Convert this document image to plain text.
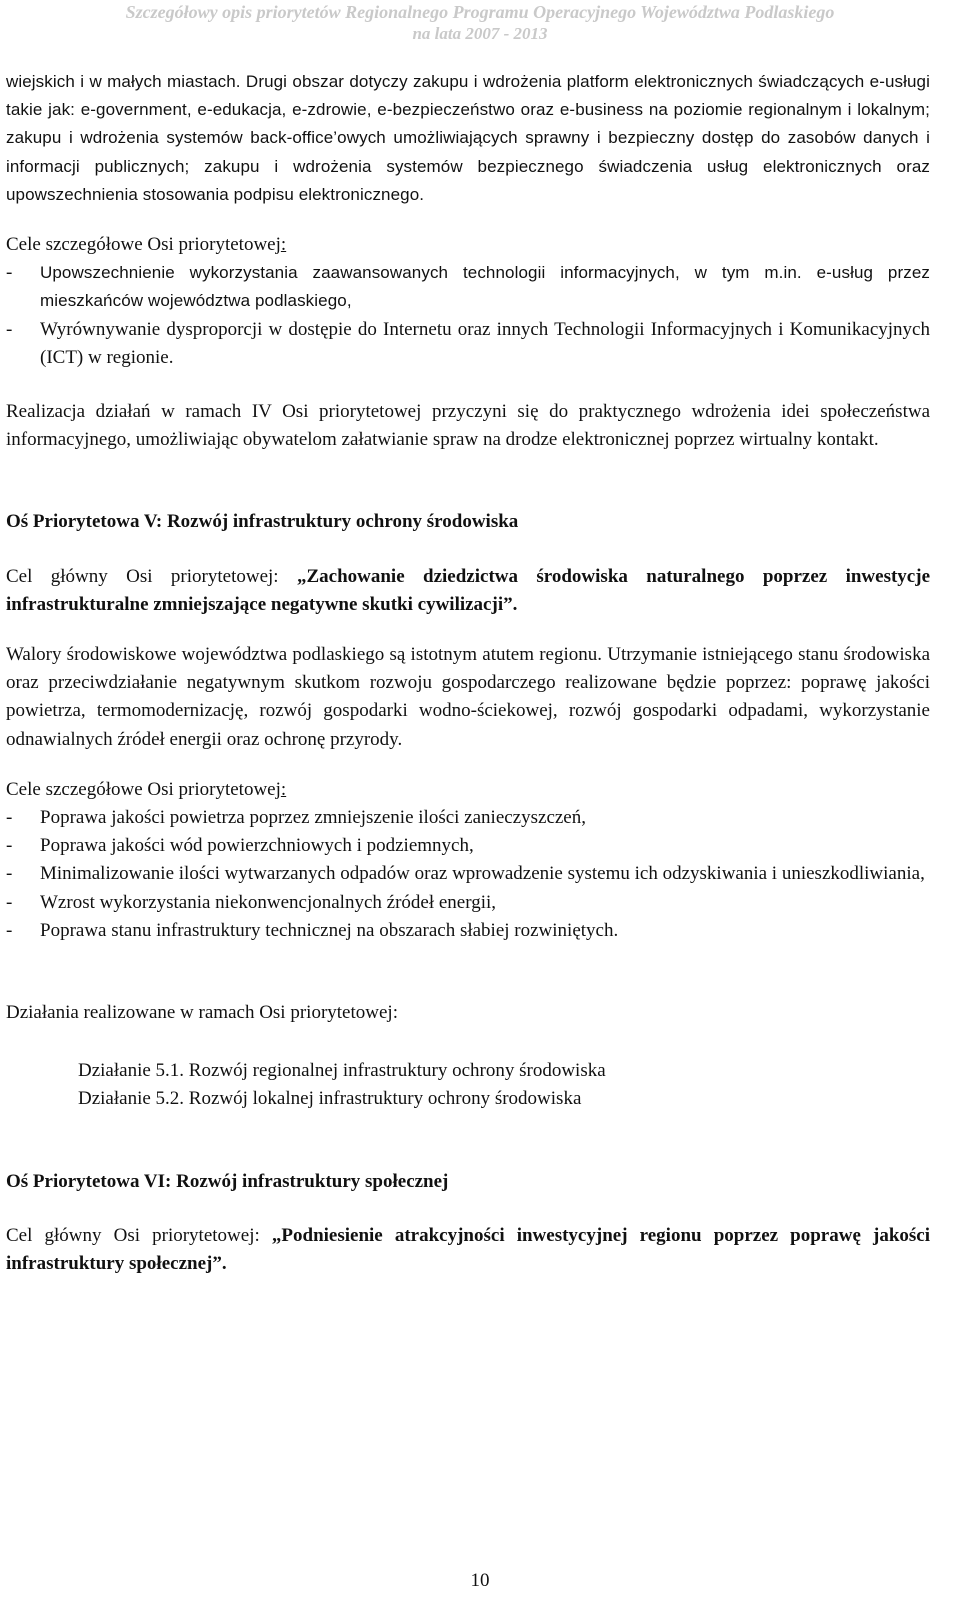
Szczegółowy opis priorytetów Regionalnego Programu Operacyjnego Województwa Podlaskiego
na lata 2007 - 2013

wiejskich i w małych miastach. Drugi obszar dotyczy zakupu i wdrożenia platform elektronicznych świadczących e-usługi takie jak: e-government, e-edukacja, e-zdrowie, e-bezpieczeństwo oraz e-business na poziomie regionalnym i lokalnym; zakupu i wdrożenia systemów back-office’owych umożliwiających sprawny i bezpieczny dostęp do zasobów danych i informacji publicznych; zakupu i wdrożenia systemów bezpiecznego świadczenia usług elektronicznych oraz upowszechnienia stosowania podpisu elektronicznego.

Cele szczegółowe Osi priorytetowej:

-	Upowszechnienie wykorzystania zaawansowanych technologii informacyjnych, w tym m.in. e-usług przez mieszkańców województwa podlaskiego,
-	Wyrównywanie dysproporcji w dostępie do Internetu oraz innych Technologii Informacyjnych i Komunikacyjnych (ICT) w regionie.

Realizacja działań w ramach IV Osi priorytetowej przyczyni się do praktycznego wdrożenia idei społeczeństwa informacyjnego, umożliwiając obywatelom załatwianie spraw na drodze elektronicznej poprzez wirtualny kontakt.

Oś Priorytetowa V: Rozwój infrastruktury ochrony środowiska

Cel główny Osi priorytetowej: „Zachowanie dziedzictwa środowiska naturalnego poprzez inwestycje infrastrukturalne zmniejszające negatywne skutki cywilizacji”.

Walory środowiskowe województwa podlaskiego są istotnym atutem regionu. Utrzymanie istniejącego stanu środowiska oraz przeciwdziałanie negatywnym skutkom rozwoju gospodarczego realizowane będzie poprzez: poprawę jakości powietrza, termomodernizację, rozwój gospodarki wodno-ściekowej, rozwój gospodarki odpadami, wykorzystanie odnawialnych źródeł energii oraz ochronę przyrody.

Cele szczegółowe Osi priorytetowej:

-	Poprawa jakości powietrza poprzez zmniejszenie ilości zanieczyszczeń,
-	Poprawa jakości wód powierzchniowych i podziemnych,
-	Minimalizowanie ilości wytwarzanych odpadów oraz wprowadzenie systemu ich odzyskiwania i unieszkodliwiania,
-	Wzrost wykorzystania niekonwencjonalnych źródeł energii,
-	Poprawa stanu infrastruktury technicznej na obszarach słabiej rozwiniętych.

Działania realizowane w ramach Osi priorytetowej:

Działanie 5.1. Rozwój regionalnej infrastruktury ochrony środowiska
Działanie 5.2. Rozwój lokalnej infrastruktury ochrony środowiska

Oś Priorytetowa VI: Rozwój infrastruktury społecznej

Cel główny Osi priorytetowej: „Podniesienie atrakcyjności inwestycyjnej regionu poprzez poprawę jakości infrastruktury społecznej”.

10
